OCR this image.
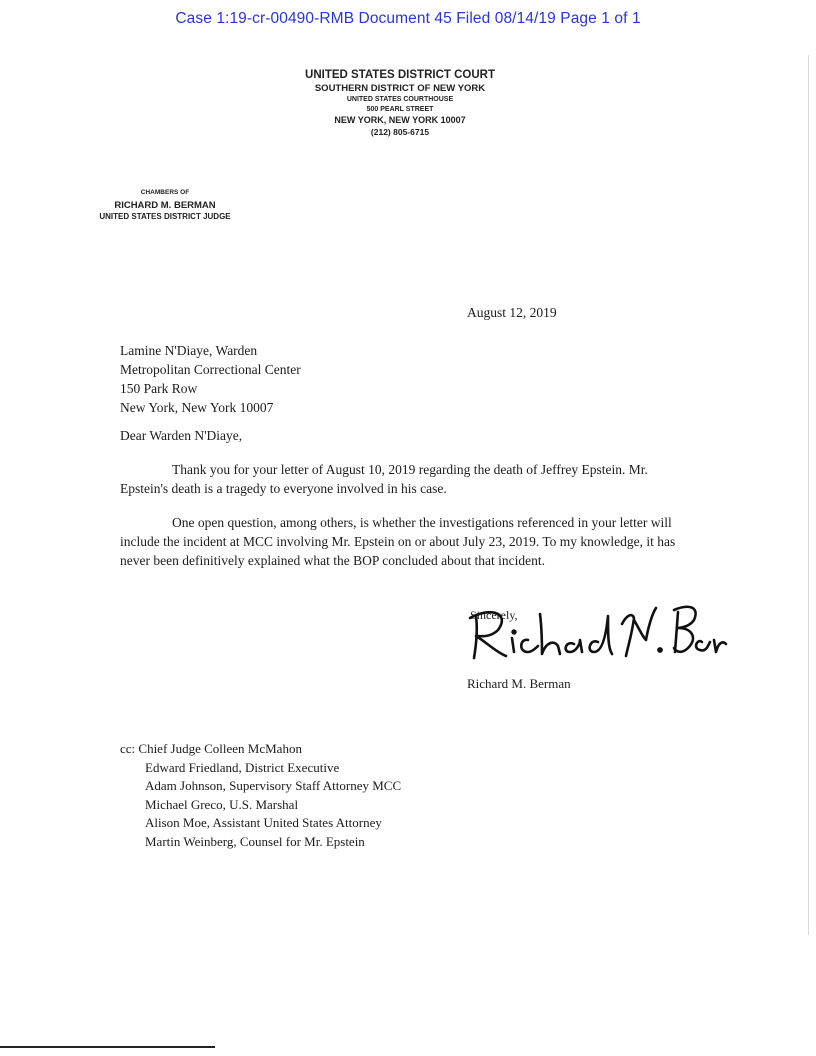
Case 1:19-cr-00490-RMB Document 45 Filed 08/14/19 Page 1 of 1
UNITED STATES DISTRICT COURT
SOUTHERN DISTRICT OF NEW YORK
UNITED STATES COURTHOUSE
500 PEARL STREET
NEW YORK, NEW YORK 10007
(212) 805-6715
CHAMBERS OF
RICHARD M. BERMAN
UNITED STATES DISTRICT JUDGE
August 12, 2019
Lamine N'Diaye, Warden
Metropolitan Correctional Center
150 Park Row
New York, New York 10007
Dear Warden N'Diaye,

Thank you for your letter of August 10, 2019 regarding the death of Jeffrey Epstein. Mr. Epstein's death is a tragedy to everyone involved in his case.

One open question, among others, is whether the investigations referenced in your letter will include the incident at MCC involving Mr. Epstein on or about July 23, 2019. To my knowledge, it has never been definitively explained what the BOP concluded about that incident.

Sincerely,
Richard M. Berman
cc: Chief Judge Colleen McMahon
Edward Friedland, District Executive
Adam Johnson, Supervisory Staff Attorney MCC
Michael Greco, U.S. Marshal
Alison Moe, Assistant United States Attorney
Martin Weinberg, Counsel for Mr. Epstein
